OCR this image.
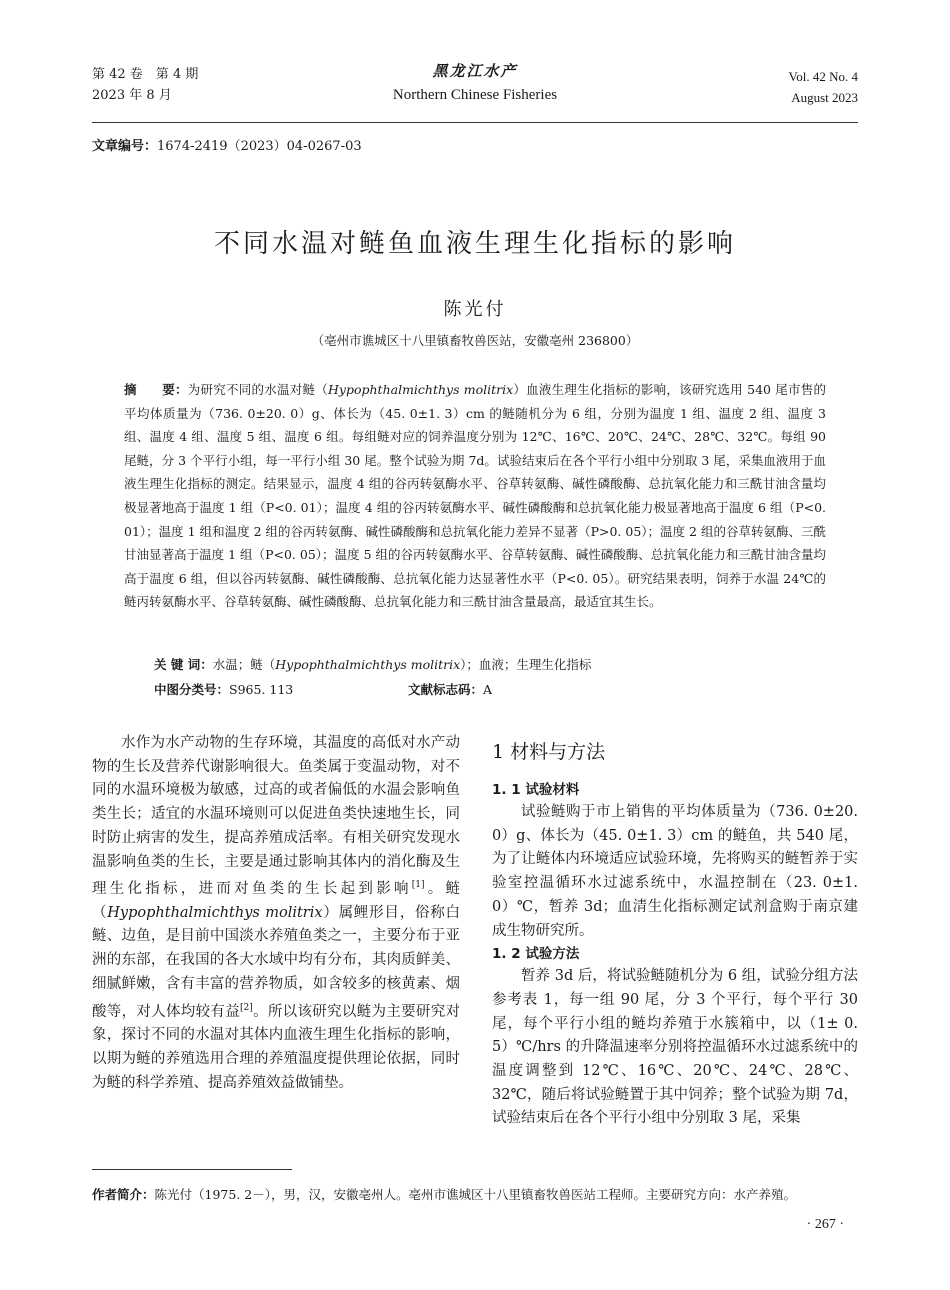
第 42 卷　第 4 期
2023 年 8 月
黑龙江水产
Northern Chinese Fisheries
Vol. 42 No. 4
August 2023
文章编号：1674-2419（2023）04-0267-03
不同水温对鲢鱼血液生理生化指标的影响
陈光付
（亳州市谯城区十八里镇畜牧兽医站，安徽亳州 236800）
摘　　要：为研究不同的水温对鲢（Hypophthalmichthys molitrix）血液生理生化指标的影响，该研究选用 540 尾市售的平均体质量为（736. 0±20. 0）g、体长为（45. 0±1. 3）cm 的鲢随机分为 6 组，分别为温度 1 组、温度 2 组、温度 3 组、温度 4 组、温度 5 组、温度 6 组。每组鲢对应的饲养温度分别为 12℃、16℃、20℃、24℃、28℃、32℃。每组 90 尾鲢，分 3 个平行小组，每一平行小组 30 尾。整个试验为期 7d。试验结束后在各个平行小组中分别取 3 尾，采集血液用于血液生理生化指标的测定。结果显示，温度 4 组的谷丙转氨酶水平、谷草转氨酶、碱性磷酸酶、总抗氧化能力和三酰甘油含量均极显著地高于温度 1 组（P<0. 01）；温度 4 组的谷丙转氨酶水平、碱性磷酸酶和总抗氧化能力极显著地高于温度 6 组（P<0. 01）；温度 1 组和温度 2 组的谷丙转氨酶、碱性磷酸酶和总抗氧化能力差异不显著（P>0. 05）；温度 2 组的谷草转氨酶、三酰甘油显著高于温度 1 组（P<0. 05）；温度 5 组的谷丙转氨酶水平、谷草转氨酶、碱性磷酸酶、总抗氧化能力和三酰甘油含量均高于温度 6 组，但以谷丙转氨酶、碱性磷酸酶、总抗氧化能力达显著性水平（P<0. 05）。研究结果表明，饲养于水温 24℃的鲢丙转氨酶水平、谷草转氨酶、碱性磷酸酶、总抗氧化能力和三酰甘油含量最高，最适宜其生长。
关 键 词：水温；鲢（Hypophthalmichthys molitrix）；血液；生理生化指标
中图分类号：S965. 113	文献标志码：A

水作为水产动物的生存环境，其温度的高低对水产动物的生长及营养代谢影响很大。鱼类属于变温动物，对不同的水温环境极为敏感，过高的或者偏低的水温会影响鱼类生长；适宜的水温环境则可以促进鱼类快速地生长，同时防止病害的发生，提高养殖成活率。有相关研究发现水温影响鱼类的生长，主要是通过影响其体内的消化酶及生理生化指标，进而对鱼类的生长起到影响[1]。鲢（Hypophthalmichthys molitrix）属鲤形目，俗称白鲢、边鱼，是目前中国淡水养殖鱼类之一，主要分布于亚洲的东部，在我国的各大水域中均有分布，其肉质鲜美、细腻鲜嫩，含有丰富的营养物质，如含较多的核黄素、烟酸等，对人体均较有益[2]。所以该研究以鲢为主要研究对象，探讨不同的水温对其体内血液生理生化指标的影响，以期为鲢的养殖选用合理的养殖温度提供理论依据，同时为鲢的科学养殖、提高养殖效益做铺垫。

1 材料与方法
1. 1 试验材料

试验鲢购于市上销售的平均体质量为（736. 0±20. 0）g、体长为（45. 0±1. 3）cm 的鲢鱼，共 540 尾，为了让鲢体内环境适应试验环境，先将购买的鲢暂养于实验室控温循环水过滤系统中，水温控制在（23. 0±1. 0）℃，暂养 3d；血清生化指标测定试剂盒购于南京建成生物研究所。

1. 2 试验方法

暂养 3d 后，将试验鲢随机分为 6 组，试验分组方法参考表 1，每一组 90 尾，分 3 个平行，每个平行 30 尾，每个平行小组的鲢均养殖于水簇箱中，以（1± 0. 5）℃/hrs 的升降温速率分别将控温循环水过滤系统中的温度调整到 12℃、16℃、20℃、24℃、28℃、32℃，随后将试验鲢置于其中饲养；整个试验为期 7d，试验结束后在各个平行小组中分别取 3 尾，采集

作者简介：陈光付（1975. 2－），男，汉，安徽亳州人。亳州市谯城区十八里镇畜牧兽医站工程师。主要研究方向：水产养殖。
· 267 ·
